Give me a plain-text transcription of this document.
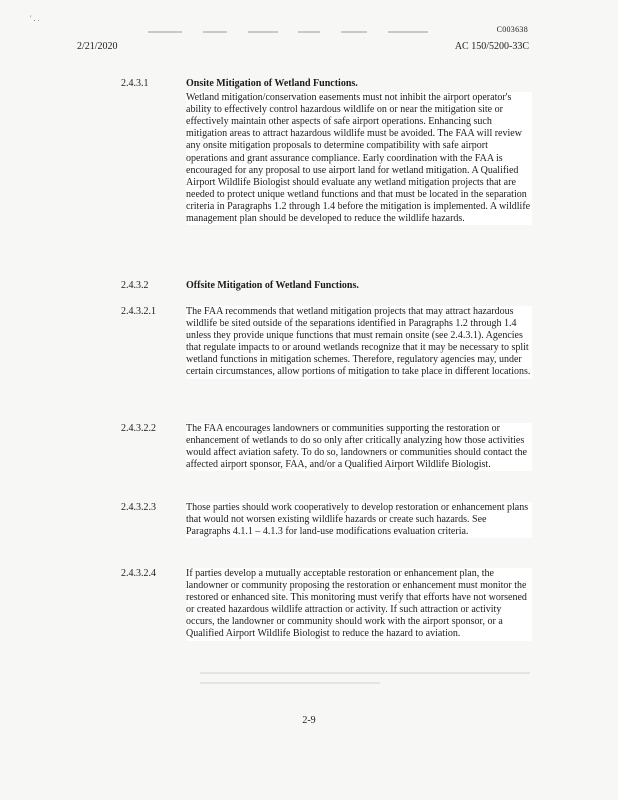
' . .
C003638
2/21/2020	AC 150/5200-33C
2.4.3.1	Onsite Mitigation of Wetland Functions.
Wetland mitigation/conservation easements must not inhibit the airport operator's ability to effectively control hazardous wildlife on or near the mitigation site or effectively maintain other aspects of safe airport operations. Enhancing such mitigation areas to attract hazardous wildlife must be avoided. The FAA will review any onsite mitigation proposals to determine compatibility with safe airport operations and grant assurance compliance. Early coordination with the FAA is encouraged for any proposal to use airport land for wetland mitigation. A Qualified Airport Wildlife Biologist should evaluate any wetland mitigation projects that are needed to protect unique wetland functions and that must be located in the separation criteria in Paragraphs 1.2 through 1.4 before the mitigation is implemented. A wildlife management plan should be developed to reduce the wildlife hazards.
2.4.3.2	Offsite Mitigation of Wetland Functions.
2.4.3.2.1	The FAA recommends that wetland mitigation projects that may attract hazardous wildlife be sited outside of the separations identified in Paragraphs 1.2 through 1.4 unless they provide unique functions that must remain onsite (see 2.4.3.1). Agencies that regulate impacts to or around wetlands recognize that it may be necessary to split wetland functions in mitigation schemes. Therefore, regulatory agencies may, under certain circumstances, allow portions of mitigation to take place in different locations.
2.4.3.2.2	The FAA encourages landowners or communities supporting the restoration or enhancement of wetlands to do so only after critically analyzing how those activities would affect aviation safety. To do so, landowners or communities should contact the affected airport sponsor, FAA, and/or a Qualified Airport Wildlife Biologist.
2.4.3.2.3	Those parties should work cooperatively to develop restoration or enhancement plans that would not worsen existing wildlife hazards or create such hazards. See Paragraphs 4.1.1 – 4.1.3 for land-use modifications evaluation criteria.
2.4.3.2.4	If parties develop a mutually acceptable restoration or enhancement plan, the landowner or community proposing the restoration or enhancement must monitor the restored or enhanced site. This monitoring must verify that efforts have not worsened or created hazardous wildlife attraction or activity. If such attraction or activity occurs, the landowner or community should work with the airport sponsor, or a Qualified Airport Wildlife Biologist to reduce the hazard to aviation.
2-9
